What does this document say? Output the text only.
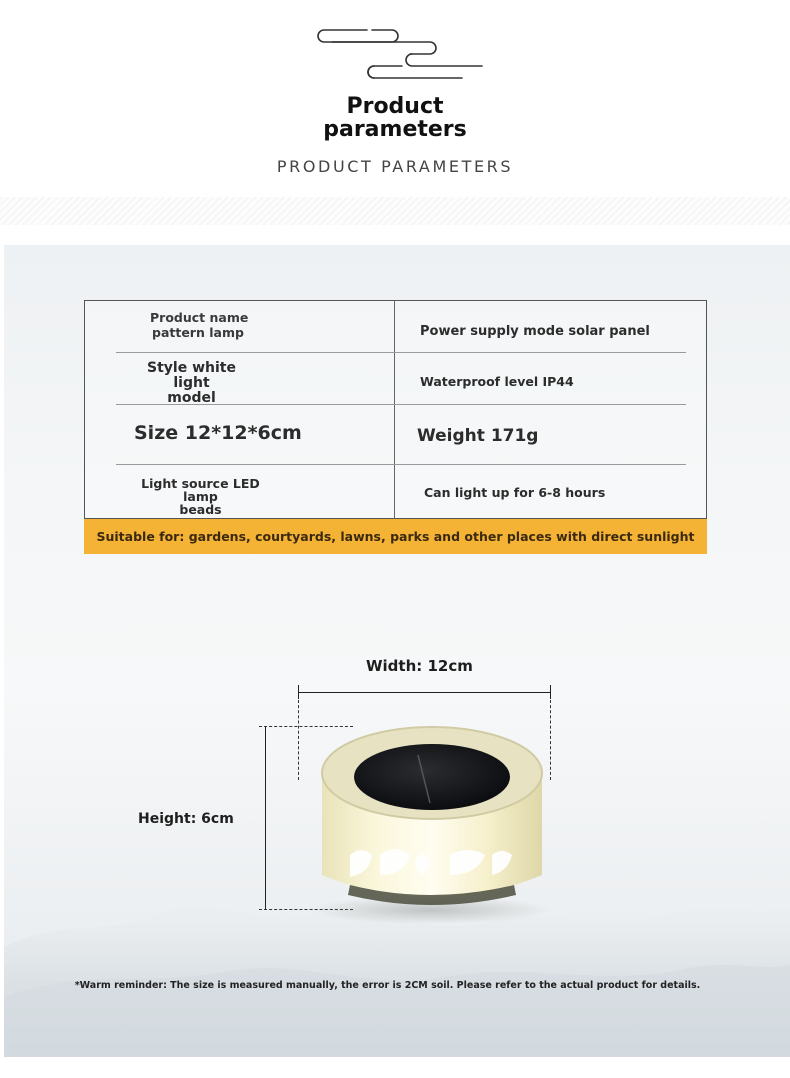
Product
parameters
PRODUCT PARAMETERS
Product name
pattern lamp	Power supply mode solar panel
Style white light
model
Waterproof level IP44
Size 12*12*6cm	Weight 171g
Light source LED lamp
beads
Can light up for 6-8 hours
Suitable for: gardens, courtyards, lawns, parks and other places with direct sunlight
Width: 12cm
Height: 6cm
*Warm reminder: The size is measured manually, the error is 2CM soil. Please refer to the actual product for details.
